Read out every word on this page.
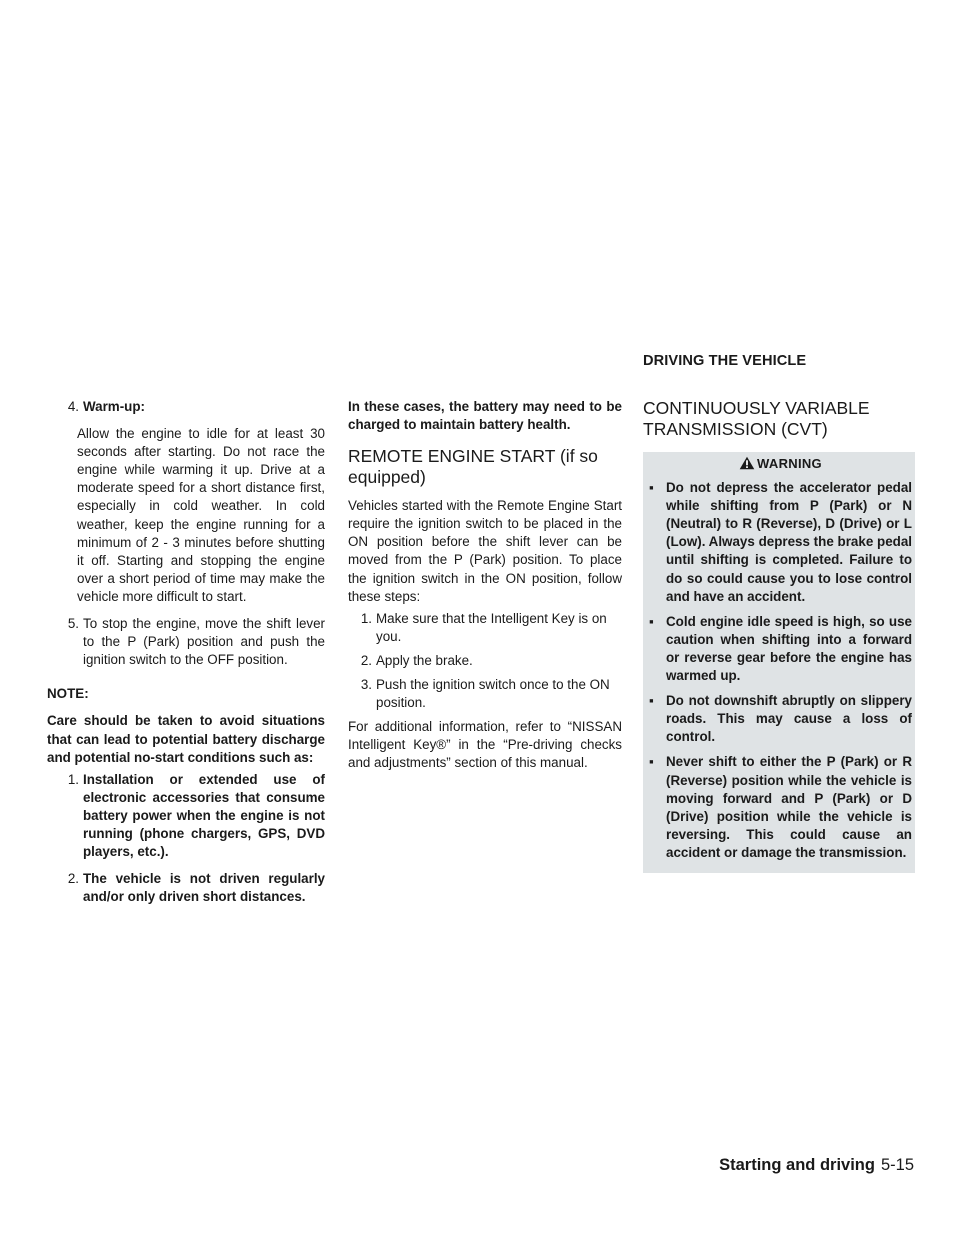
DRIVING THE VEHICLE
4. Warm-up:

Allow the engine to idle for at least 30 seconds after starting. Do not race the engine while warming it up. Drive at a moderate speed for a short distance first, especially in cold weather. In cold weather, keep the engine running for a minimum of 2 - 3 minutes before shutting it off. Starting and stopping the engine over a short period of time may make the vehicle more difficult to start.

5. To stop the engine, move the shift lever to the P (Park) position and push the ignition switch to the OFF position.

NOTE:

Care should be taken to avoid situations that can lead to potential battery discharge and potential no-start conditions such as:

1. Installation or extended use of electronic accessories that consume battery power when the engine is not running (phone chargers, GPS, DVD players, etc.).
2. The vehicle is not driven regularly and/or only driven short distances.

In these cases, the battery may need to be charged to maintain battery health.

REMOTE ENGINE START (if so equipped)

Vehicles started with the Remote Engine Start require the ignition switch to be placed in the ON position before the shift lever can be moved from the P (Park) position. To place the ignition switch in the ON position, follow these steps:

1. Make sure that the Intelligent Key is on you.
2. Apply the brake.
3. Push the ignition switch once to the ON position.

For additional information, refer to “NISSAN Intelligent Key®” in the “Pre-driving checks and adjustments” section of this manual.

CONTINUOUSLY VARIABLE TRANSMISSION (CVT)
WARNING
▪ Do not depress the accelerator pedal while shifting from P (Park) or N (Neutral) to R (Reverse), D (Drive) or L (Low). Always depress the brake pedal until shifting is completed. Failure to do so could cause you to lose control and have an accident.
▪ Cold engine idle speed is high, so use caution when shifting into a forward or reverse gear before the engine has warmed up.
▪ Do not downshift abruptly on slippery roads. This may cause a loss of control.
▪ Never shift to either the P (Park) or R (Reverse) position while the vehicle is moving forward and P (Park) or D (Drive) position while the vehicle is reversing. This could cause an accident or damage the transmission.
Starting and driving 5-15
